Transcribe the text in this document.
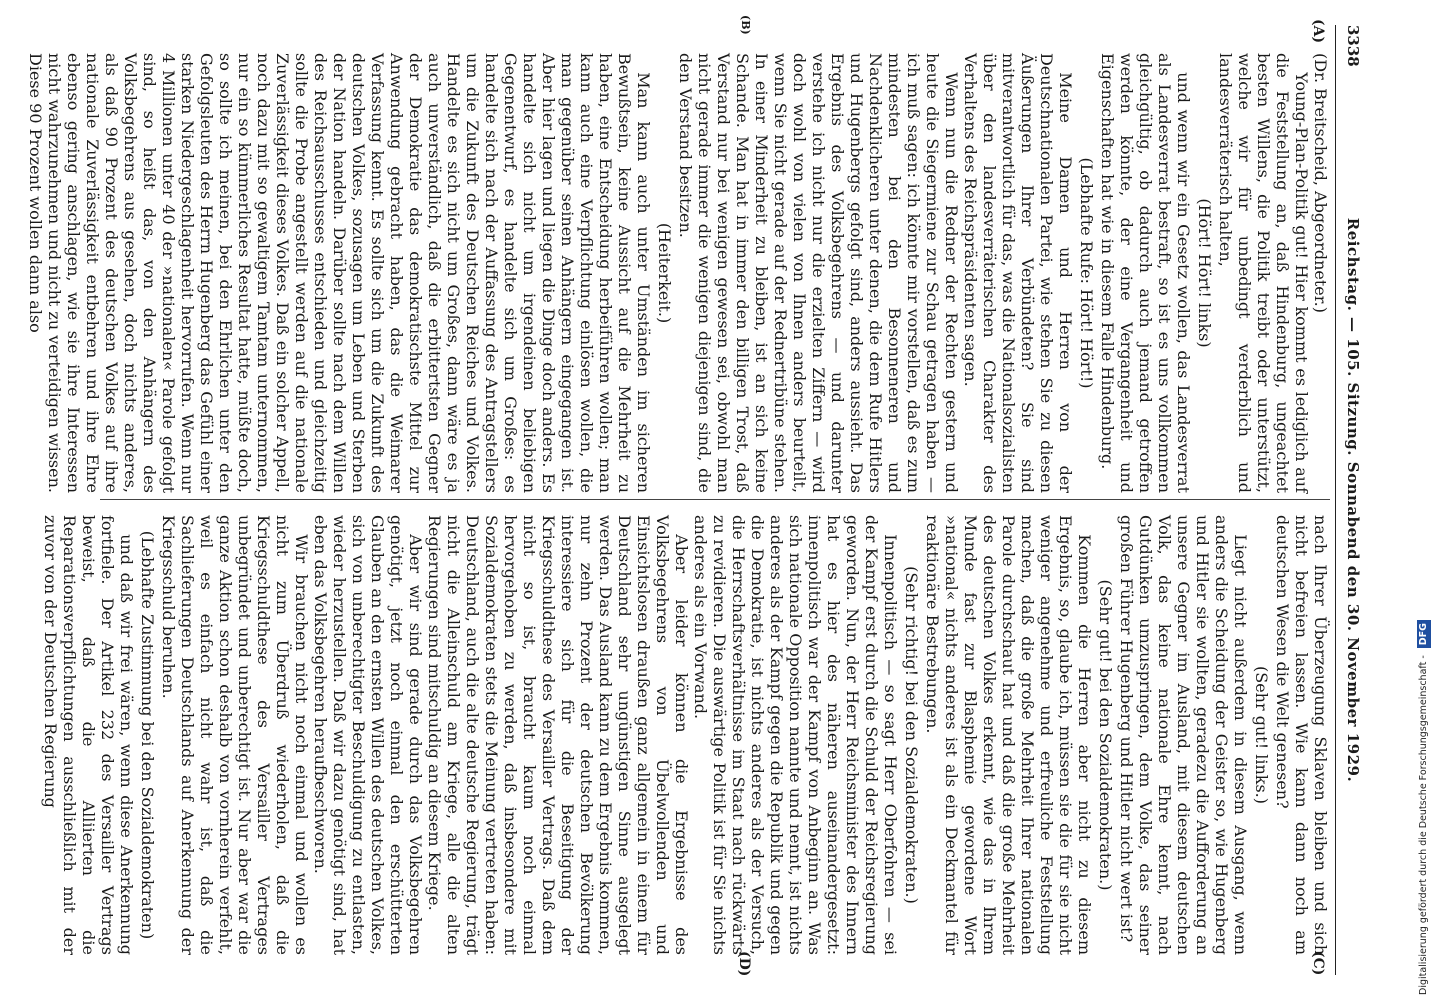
3338
Reichstag. — 105. Sitzung. Sonnabend den 30. November 1929.
(A)
(B)
(C)
(D)

(Dr. Breitscheid, Abgeordneter.)

Young-Plan-Politik gut! Hier kommt es lediglich auf die Feststellung an, daß Hindenburg, ungeachtet besten Willens, die Politik treibt oder unterstützt, welche wir für unbedingt verderblich und landesverräterisch halten,

(Hört! Hört! links)

und wenn wir ein Gesetz wollen, das Landesverrat als Landesverrat bestraft, so ist es uns vollkommen gleichgültig, ob dadurch auch jemand getroffen werden könnte, der eine Vergangenheit und Eigenschaften hat wie in diesem Falle Hindenburg.

(Lebhafte Rufe: Hört! Hört!)

Meine Damen und Herren von der Deutschnationalen Partei, wie stehen Sie zu diesen Äußerungen Ihrer Verbündeten? Sie sind mitverantwortlich für das, was die Nationalsozialisten über den landesverräterischen Charakter des Verhaltens des Reichspräsidenten sagen.

Wenn nun die Redner der Rechten gestern und heute die Siegermiene zur Schau getragen haben — ich muß sagen: ich könnte mir vorstellen, daß es zum mindesten bei den Besonneneren und Nachdenklicheren unter denen, die dem Rufe Hitlers und Hugenbergs gefolgt sind, anders aussieht. Das Ergebnis des Volksbegehrens — und darunter verstehe ich nicht nur die erzielten Ziffern — wird doch wohl von vielen von Ihnen anders beurteilt, wenn Sie nicht gerade auf der Rednertribüne stehen. In einer Minderheit zu bleiben, ist an sich keine Schande. Man hat in immer den billigen Trost, daß Verstand nur bei wenigen gewesen sei, obwohl man nicht gerade immer die wenigen diejenigen sind, die den Verstand besitzen.

(Heiterkeit.)

Man kann auch unter Umständen im sicheren Bewußtsein, keine Aussicht auf die Mehrheit zu haben, eine Entscheidung herbeiführen wollen; man kann auch eine Verpflichtung einlösen wollen, die man gegenüber seinen Anhängern eingegangen ist. Aber hier lagen und liegen die Dinge doch anders. Es handelte sich nicht um irgendeinen beliebigen Gegenentwurf, es handelte sich um Großes: es handelte sich nach der Auffassung des Antragstellers um die Zukunft des Deutschen Reiches und Volkes. Handelte es sich nicht um Großes, dann wäre es ja auch unverständlich, daß die erbittertsten Gegner der Demokratie das demokratischste Mittel zur Anwendung gebracht haben, das die Weimarer Verfassung kennt. Es sollte sich um die Zukunft des deutschen Volkes, sozusagen um Leben und Sterben der Nation handeln. Darüber sollte nach dem Willen des Reichsausschusses entschieden und gleichzeitig sollte die Probe angestellt werden auf die nationale Zuverlässigkeit dieses Volkes. Daß ein solcher Appell, noch dazu mit so gewaltigem Tamtam unternommen, nur ein so kümmerliches Resultat hatte, müßte doch, so sollte ich meinen, bei den Ehrlichen unter den Gefolgsleuten des Herrn Hugenberg das Gefühl einer starken Niedergeschlagenheit hervorrufen. Wenn nur 4 Millionen unter 40 der »nationalen« Parole gefolgt sind, so heißt das, von den Anhängern des Volksbegehrens aus gesehen, doch nichts anderes, als daß 90 Prozent des deutschen Volkes auf ihre nationale Zuverlässigkeit entbehren und ihre Ehre ebenso gering anschlagen, wie sie ihre Interessen nicht wahrzunehmen und nicht zu verteidigen wissen. Diese 90 Prozent wollen dann also

nach Ihrer Überzeugung Sklaven bleiben und sich nicht befreien lassen. Wie kann dann noch am deutschen Wesen die Welt genesen?

(Sehr gut! links.)

Liegt nicht außerdem in diesem Ausgang, wenn anders die Scheidung der Geister so, wie Hugenberg und Hitler sie wollten, geradezu die Aufforderung an unsere Gegner im Ausland, mit diesem deutschen Volk, das keine nationale Ehre kennt, nach Gutdünken umzuspringen, dem Volke, das seiner großen Führer Hugenberg und Hitler nicht wert ist?

(Sehr gut! bei den Sozialdemokraten.)

Kommen die Herren aber nicht zu diesem Ergebnis, so, glaube ich, müssen sie die für sie nicht weniger angenehme und erfreuliche Feststellung machen, daß die große Mehrheit Ihrer nationalen Parole durchschaut hat und daß die große Mehrheit des deutschen Volkes erkennt, wie das in Ihrem Munde fast zur Blasphemie gewordene Wort »national« nichts anderes ist als ein Deckmantel für reaktionäre Bestrebungen.

(Sehr richtig! bei den Sozialdemokraten.)

Innenpolitisch — so sagt Herr Oberfohren — sei der Kampf erst durch die Schuld der Reichsregierung geworden. Nun, der Herr Reichsminister des Innern hat es hier des näheren auseinandergesetzt: innenpolitisch war der Kampf von Anbeginn an. Was sich nationale Opposition nannte und nennt, ist nichts anderes als der Kampf gegen die Republik und gegen die Demokratie, ist nichts anderes als der Versuch, die Herrschaftsverhältnisse im Staat nach rückwärts zu revidieren. Die auswärtige Politik ist für Sie nichts anderes als ein Vorwand.

Aber leider können die Ergebnisse des Volksbegehrens von Übelwollenden und Einsichtslosen draußen ganz allgemein in einem für Deutschland sehr ungünstigen Sinne ausgelegt werden. Das Ausland kann zu dem Ergebnis kommen, nur zehn Prozent der deutschen Bevölkerung interessiere sich für die Beseitigung der Kriegsschuldthese des Versailler Vertrags. Daß dem nicht so ist, braucht kaum noch einmal hervorgehoben zu werden, daß insbesondere mit Sozialdemokraten stets die Meinung vertreten haben: Deutschland, auch die alte deutsche Regierung, trägt nicht die Alleinschuld am Kriege, alle die alten Regierungen sind mitschuldig an diesem Kriege.

Aber wir sind gerade durch das Volksbegehren genötigt, jetzt noch einmal den erschütterten Glauben an den ernsten Willen des deutschen Volkes, sich von unberechtigter Beschuldigung zu entlasten, wieder herzustellen. Daß wir dazu genötigt sind, hat eben das Volksbegehren heraufbeschworen.

Wir brauchen nicht noch einmal und wollen es nicht zum Überdruß wiederholen, daß die Kriegsschuldthese des Versailler Vertrages unbegründet und unberechtigt ist. Nur aber war die ganze Aktion schon deshalb von vornherein verfehlt, weil es einfach nicht wahr ist, daß die Sachlieferungen Deutschlands auf Anerkennung der Kriegsschuld beruhen.

(Lebhafte Zustimmung bei den Sozialdemokraten)

und daß wir frei wären, wenn diese Anerkennung fortfiele. Der Artikel 232 des Versailler Vertrags beweist, daß die Alliierten die Reparationsverpflichtungen ausschließlich mit der zuvor von der Deutschen Regierung	Digitalisierung gefördert durch die Deutsche Forschungsgemeinschaft - DFG
